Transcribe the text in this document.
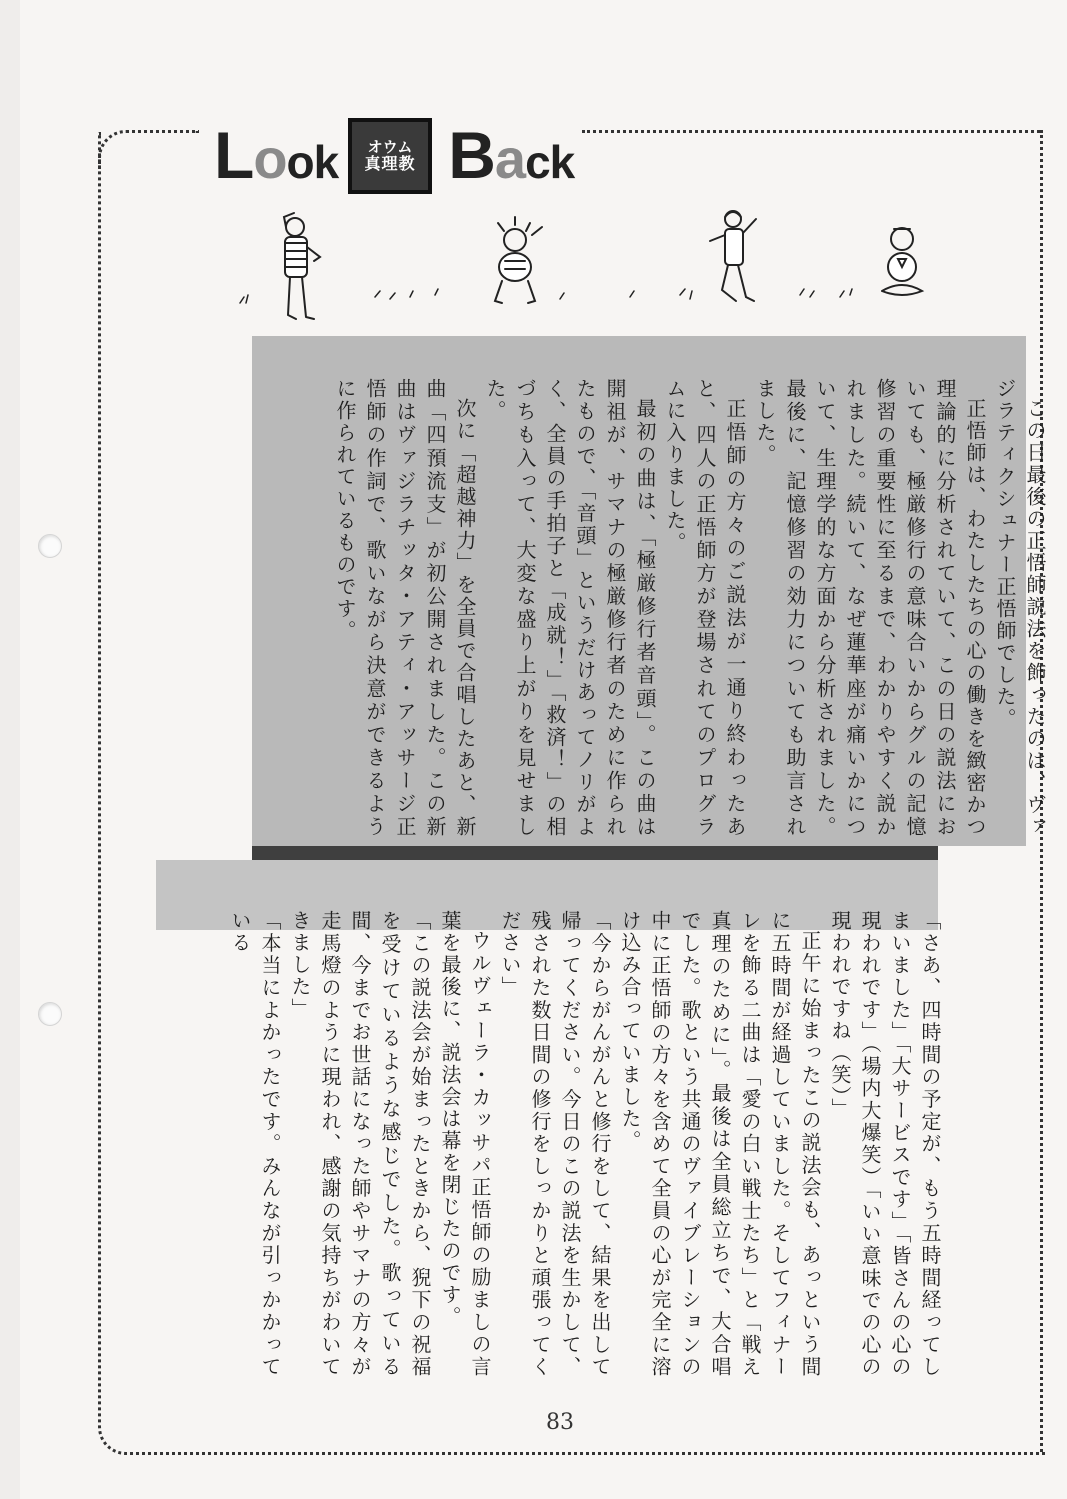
Look Back
オウム
真理教

この日最後の正悟師説法を飾ったのは、ヴァジラティクシュナー正悟師でした。

正悟師は、わたしたちの心の働きを緻密かつ理論的に分析されていて、この日の説法においても、極厳修行の意味合いからグルの記憶修習の重要性に至るまで、わかりやすく説かれました。続いて、なぜ蓮華座が痛いかについて、生理学的な方面から分析されました。最後に、記憶修習の効力についても助言されました。

正悟師の方々のご説法が一通り終わったあと、四人の正悟師方が登場されてのプログラムに入りました。

最初の曲は、「極厳修行者音頭」。この曲は開祖が、サマナの極厳修行者のために作られたもので、「音頭」というだけあってノリがよく、全員の手拍子と「成就！」「救済！」の相づちも入って、大変な盛り上がりを見せました。

次に「超越神力」を全員で合唱したあと、新曲「四預流支」が初公開されました。この新曲はヴァジラチッタ・アティ・アッサージ正悟師の作詞で、歌いながら決意ができるように作られているものです。

「さあ、四時間の予定が、もう五時間経ってしまいました」「大サービスです」「皆さんの心の現われです」（場内大爆笑）「いい意味での心の現われですね（笑）」

正午に始まったこの説法会も、あっという間に五時間が経過していました。そしてフィナーレを飾る二曲は「愛の白い戦士たち」と「戦え真理のために」。最後は全員総立ちで、大合唱でした。歌という共通のヴァイブレーションの中に正悟師の方々を含めて全員の心が完全に溶け込み合っていました。

「今からがんがんと修行をして、結果を出して帰ってください。今日のこの説法を生かして、残された数日間の修行をしっかりと頑張ってください」

ウルヴェーラ・カッサパ正悟師の励ましの言葉を最後に、説法会は幕を閉じたのです。

「この説法会が始まったときから、猊下の祝福を受けているような感じでした。歌っている間、今までお世話になった師やサマナの方々が走馬燈のように現われ、感謝の気持ちがわいてきました」

「本当によかったです。みんなが引っかかっている

83
